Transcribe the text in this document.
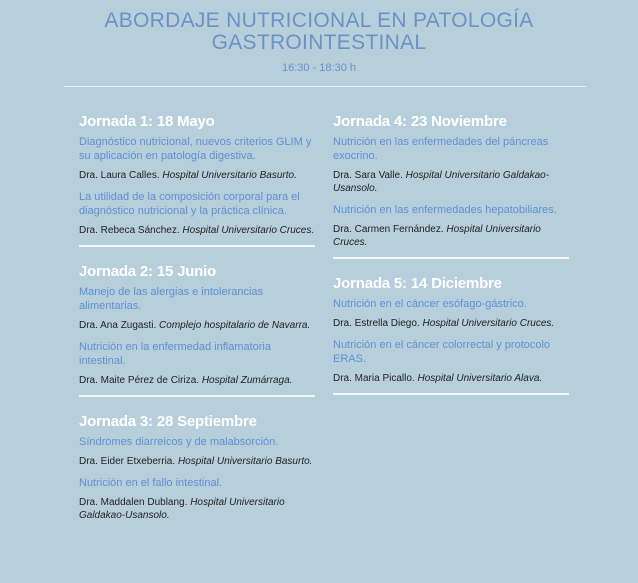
ABORDAJE NUTRICIONAL EN PATOLOGÍA
GASTROINTESTINAL
16:30 - 18:30 h
Jornada 1: 18 Mayo
Diagnóstico nutricional, nuevos criterios GLIM y su aplicación en patología digestiva.
Dra. Laura Calles. Hospital Universitario Basurto.
La utilidad de la composición corporal para el diagnóstico nutricional y la práctica clínica.
Dra. Rebeca Sánchez. Hospital Universitario Cruces.
Jornada 2: 15 Junio
Manejo de las alergias e intolerancias alimentarias.
Dra. Ana Zugasti. Complejo hospitalario de Navarra.
Nutrición en la enfermedad inflamatoria intestinal.
Dra. Maite Pérez de Ciriza. Hospital Zumárraga.
Jornada 3: 28 Septiembre
Síndromes diarreicos y de malabsorción.
Dra. Eider Etxeberria. Hospital Universitario Basurto.
Nutrición en el fallo intestinal.
Dra. Maddalen Dublang. Hospital Universitario Galdakao-Usansolo.
Jornada 4: 23 Noviembre
Nutrición en las enfermedades del páncreas exocrino.
Dra. Sara Valle. Hospital Universitario Galdakao-Usansolo.
Nutrición en las enfermedades hepatobiliares.
Dra. Carmen Fernández. Hospital Universitario Cruces.
Jornada 5: 14 Diciembre
Nutrición en el cáncer esófago-gástrico.
Dra. Estrella Diego. Hospital Universitario Cruces.
Nutrición en el cáncer colorrectal y protocolo ERAS.
Dra. Maria Picallo. Hospital Universitario Alava.
